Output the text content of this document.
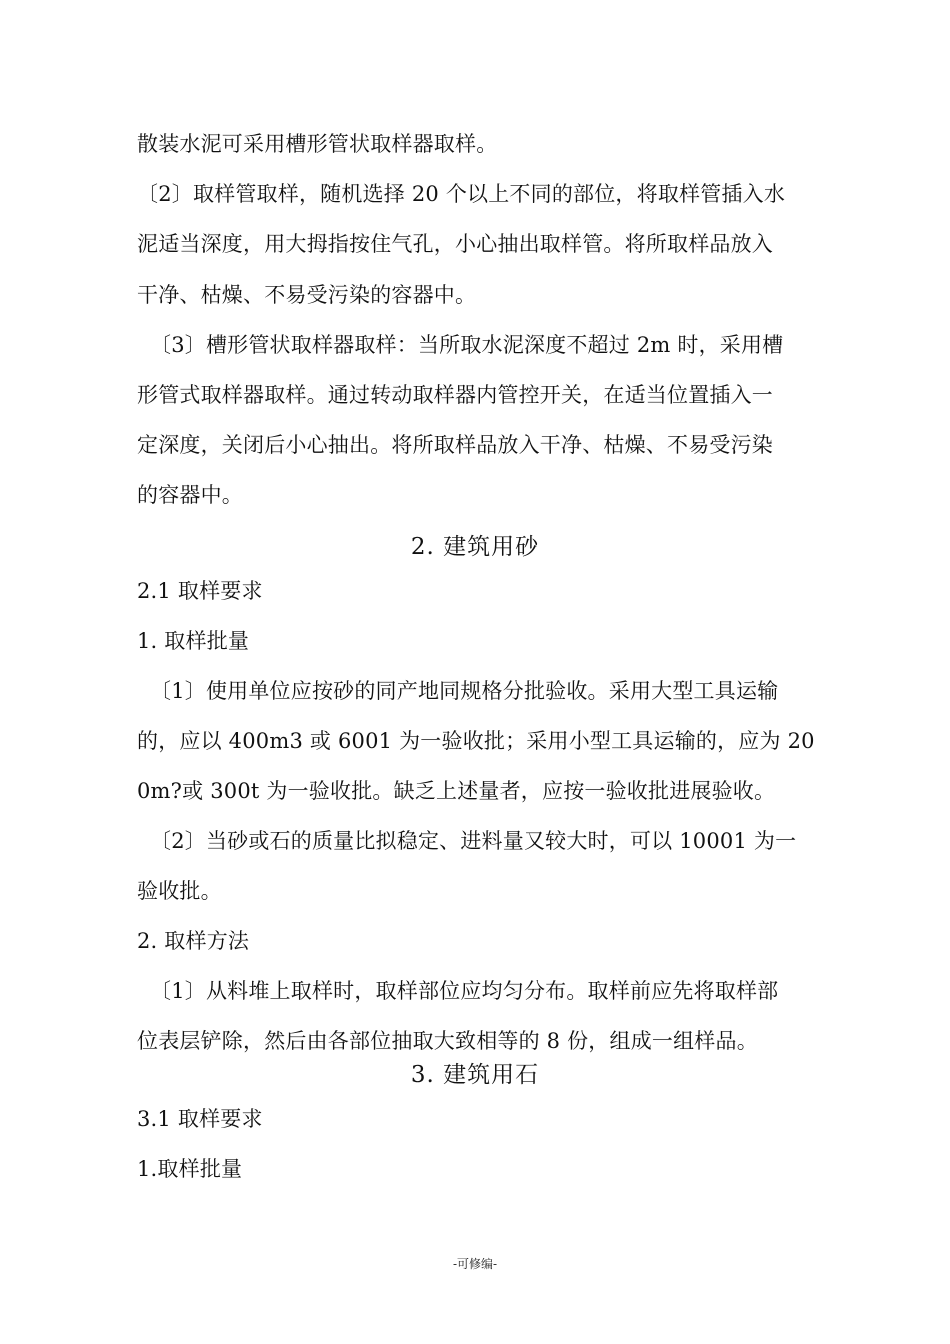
散装水泥可采用槽形管状取样器取样。
〔2〕取样管取样，随机选择 20 个以上不同的部位，将取样管插入水
泥适当深度，用大拇指按住气孔，小心抽出取样管。将所取样品放入
干净、枯燥、不易受污染的容器中。
〔3〕槽形管状取样器取样：当所取水泥深度不超过 2m 时，采用槽
形管式取样器取样。通过转动取样器内管控开关，在适当位置插入一
定深度，关闭后小心抽出。将所取样品放入干净、枯燥、不易受污染
的容器中。
2. 建筑用砂
2.1 取样要求
1. 取样批量
〔1〕使用单位应按砂的同产地同规格分批验收。采用大型工具运输
的，应以 400m3 或 6001 为一验收批；采用小型工具运输的，应为 20
0m?或 300t 为一验收批。缺乏上述量者，应按一验收批进展验收。
〔2〕当砂或石的质量比拟稳定、进料量又较大时，可以 10001 为一
验收批。
2. 取样方法
〔1〕从料堆上取样时，取样部位应均匀分布。取样前应先将取样部
位表层铲除，然后由各部位抽取大致相等的 8 份，组成一组样品。
3. 建筑用石
3.1 取样要求
1.取样批量
-可修编-
